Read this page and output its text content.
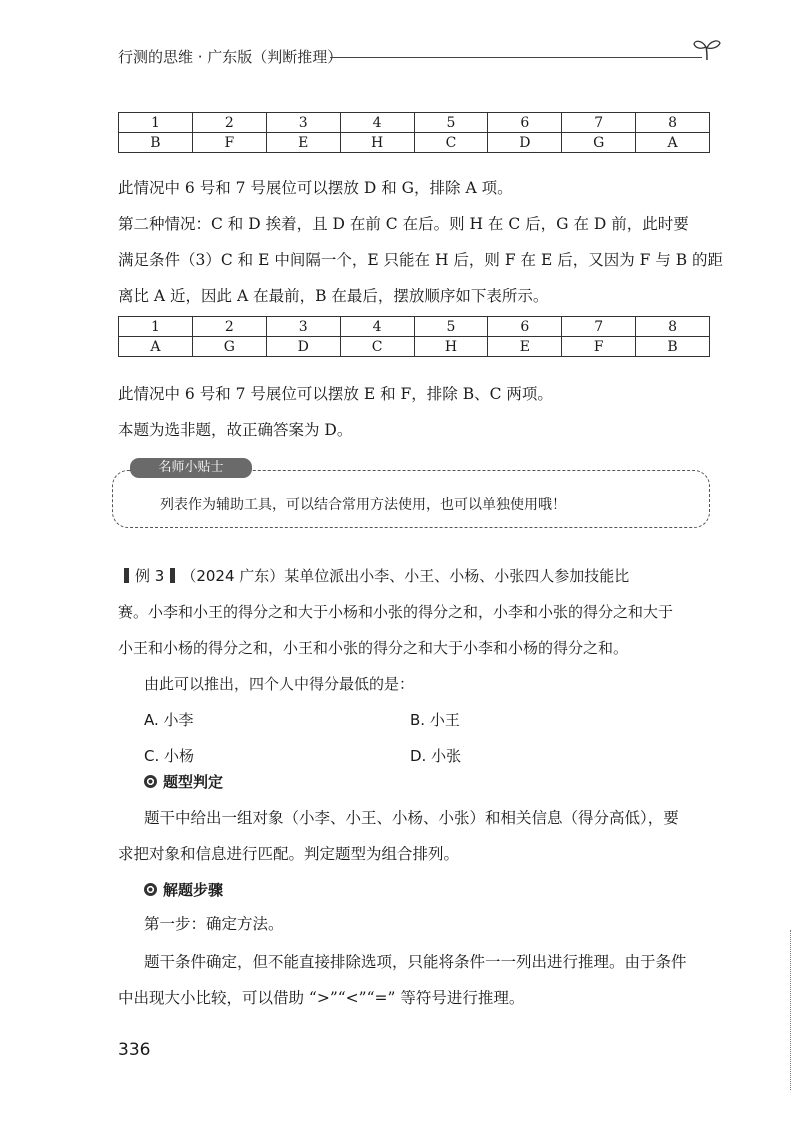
行测的思维 · 广东版（判断推理）
1	2	3	4	5	6	7	8
B	F	E	H	C	D	G	A
此情况中 6 号和 7 号展位可以摆放 D 和 G，排除 A 项。
第二种情况：C 和 D 挨着，且 D 在前 C 在后。则 H 在 C 后，G 在 D 前，此时要
满足条件（3）C 和 E 中间隔一个，E 只能在 H 后，则 F 在 E 后，又因为 F 与 B 的距
离比 A 近，因此 A 在最前，B 在最后，摆放顺序如下表所示。
1	2	3	4	5	6	7	8
A	G	D	C	H	E	F	B
此情况中 6 号和 7 号展位可以摆放 E 和 F，排除 B、C 两项。
本题为选非题，故正确答案为 D。
名师小贴士
列表作为辅助工具，可以结合常用方法使用，也可以单独使用哦！
例 3 （2024 广东）某单位派出小李、小王、小杨、小张四人参加技能比
赛。小李和小王的得分之和大于小杨和小张的得分之和，小李和小张的得分之和大于
小王和小杨的得分之和，小王和小张的得分之和大于小李和小杨的得分之和。
由此可以推出，四个人中得分最低的是：
A. 小李	B. 小王
C. 小杨	D. 小张
题型判定
题干中给出一组对象（小李、小王、小杨、小张）和相关信息（得分高低），要
求把对象和信息进行匹配。判定题型为组合排列。
解题步骤
第一步：确定方法。
题干条件确定，但不能直接排除选项，只能将条件一一列出进行推理。由于条件
中出现大小比较，可以借助 “>”“<”“=” 等符号进行推理。
336
